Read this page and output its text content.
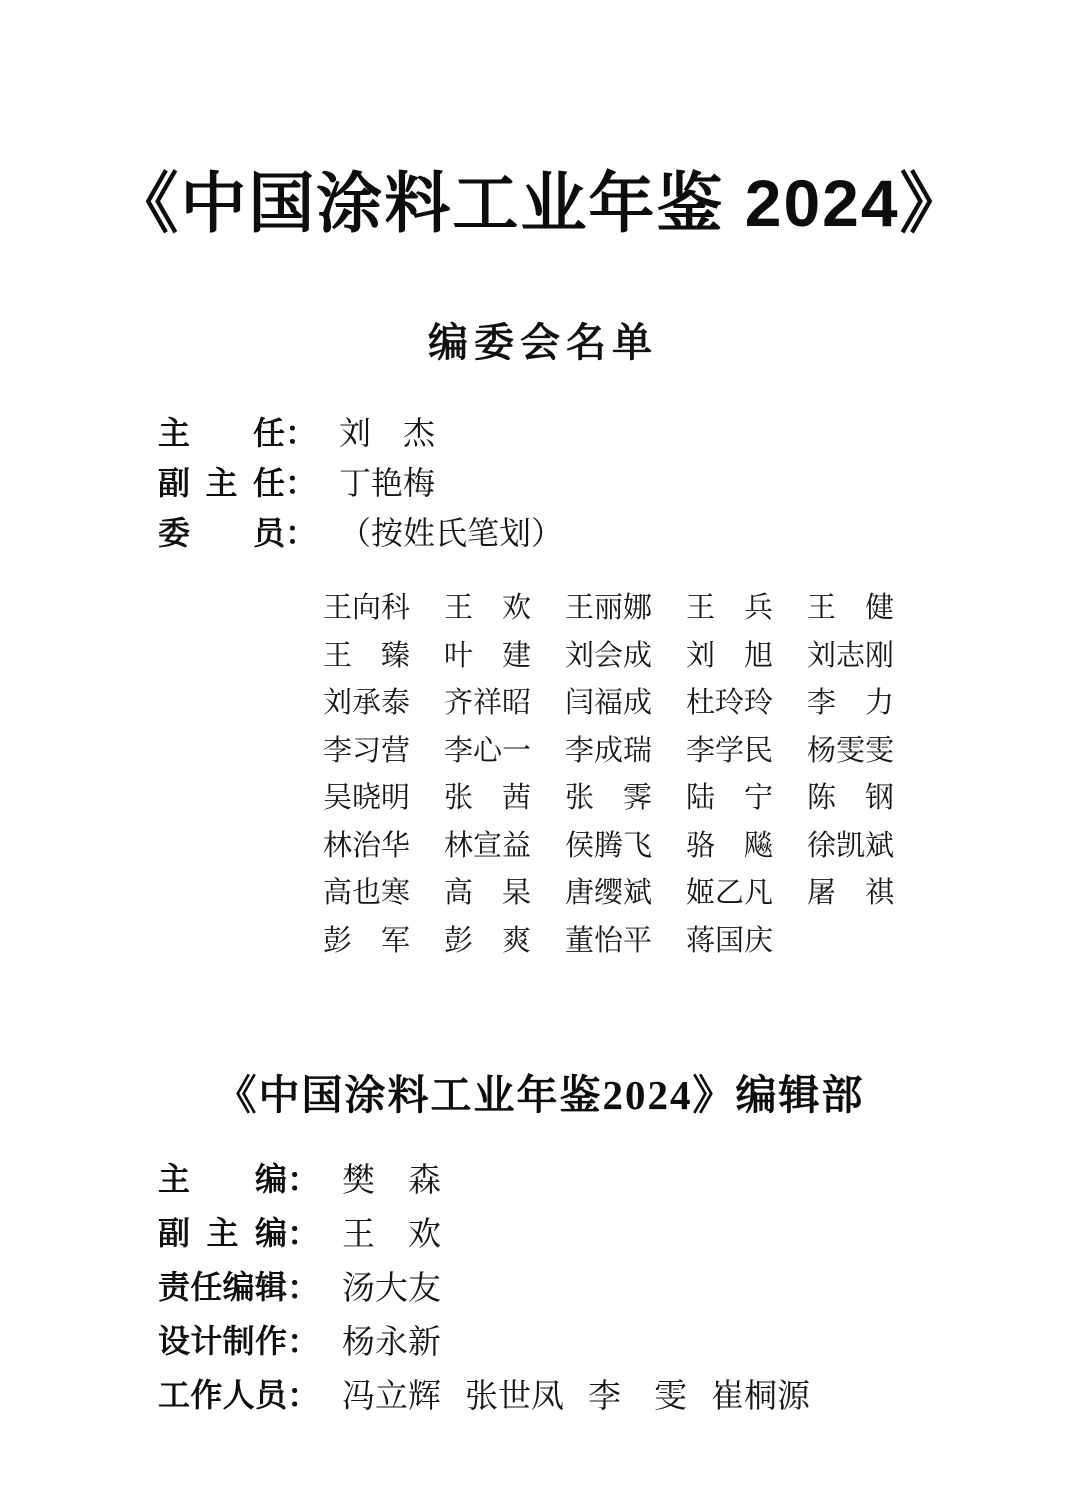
《中国涂料工业年鉴 2024》
编委会名单
主　任 ： 刘　杰
副主任 ： 丁艳梅
委　员 ： （按姓氏笔划）
王向科 王　欢 王丽娜 王　兵 王　健
王　臻 叶　建 刘会成 刘　旭 刘志刚
刘承泰 齐祥昭 闫福成 杜玲玲 李　力
李习营 李心一 李成瑞 李学民 杨雯雯
吴晓明 张　茜 张　霁 陆　宁 陈　钢
林治华 林宣益 侯腾飞 骆　飚 徐凯斌
高也寒 高　杲 唐缨斌 姬乙凡 屠　祺
彭　军 彭　爽 董怡平 蒋国庆
《中国涂料工业年鉴2024》编辑部
主　编 ： 樊　森
副主编 ： 王　欢
责任编辑 ： 汤大友
设计制作 ： 杨永新
工作人员 ： 冯立辉 张世凤 李　雯 崔桐源
